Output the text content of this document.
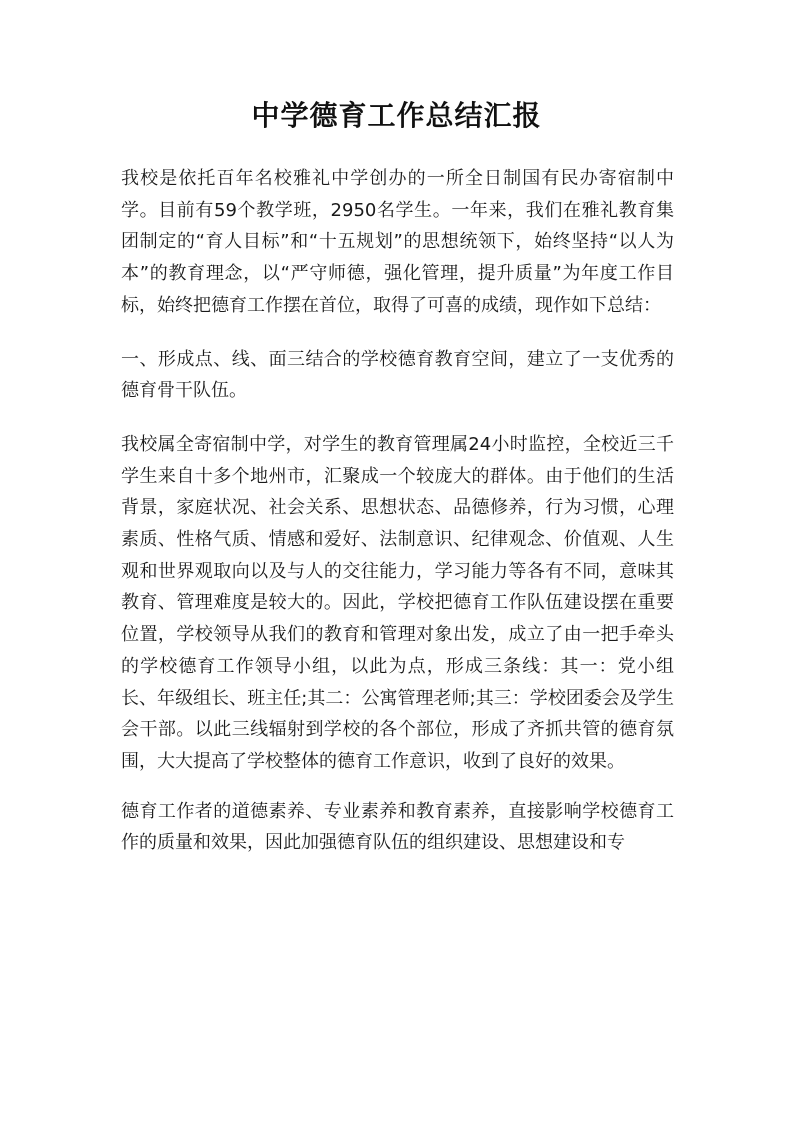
中学德育工作总结汇报

我校是依托百年名校雅礼中学创办的一所全日制国有民办寄宿制中学。目前有59个教学班，2950名学生。一年来，我们在雅礼教育集团制定的“育人目标”和“十五规划”的思想统领下，始终坚持“以人为本”的教育理念，以“严守师德，强化管理，提升质量”为年度工作目标，始终把德育工作摆在首位，取得了可喜的成绩，现作如下总结：

一、形成点、线、面三结合的学校德育教育空间，建立了一支优秀的德育骨干队伍。

我校属全寄宿制中学，对学生的教育管理属24小时监控，全校近三千学生来自十多个地州市，汇聚成一个较庞大的群体。由于他们的生活背景，家庭状况、社会关系、思想状态、品德修养，行为习惯，心理素质、性格气质、情感和爱好、法制意识、纪律观念、价值观、人生观和世界观取向以及与人的交往能力，学习能力等各有不同，意味其教育、管理难度是较大的。因此，学校把德育工作队伍建设摆在重要位置，学校领导从我们的教育和管理对象出发，成立了由一把手牵头的学校德育工作领导小组，以此为点，形成三条线：其一：党小组长、年级组长、班主任;其二：公寓管理老师;其三：学校团委会及学生会干部。以此三线辐射到学校的各个部位，形成了齐抓共管的德育氛围，大大提高了学校整体的德育工作意识，收到了良好的效果。

德育工作者的道德素养、专业素养和教育素养，直接影响学校德育工作的质量和效果，因此加强德育队伍的组织建设、思想建设和专
